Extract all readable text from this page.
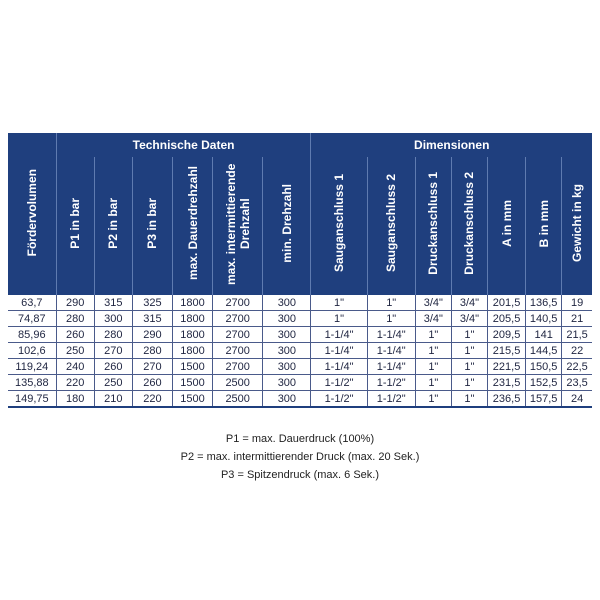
Fördervolumen	Technische Daten						Dimensionen						
	P1 in bar	P2 in bar	P3 in bar	max. Dauerdrehzahl	max. intermittierende Drehzahl	min. Drehzahl	Sauganschluss 1	Sauganschluss 2	Druckanschluss 1	Druckanschluss 2	A in mm	B in mm	Gewicht in kg
63,7	290	315	325	1800	2700	300	1"	1"	3/4"	3/4"	201,5	136,5	19
74,87	280	300	315	1800	2700	300	1"	1"	3/4"	3/4"	205,5	140,5	21
85,96	260	280	290	1800	2700	300	1-1/4"	1-1/4"	1"	1"	209,5	141	21,5
102,6	250	270	280	1800	2700	300	1-1/4"	1-1/4"	1"	1"	215,5	144,5	22
119,24	240	260	270	1500	2700	300	1-1/4"	1-1/4"	1"	1"	221,5	150,5	22,5
135,88	220	250	260	1500	2500	300	1-1/2"	1-1/2"	1"	1"	231,5	152,5	23,5
149,75	180	210	220	1500	2500	300	1-1/2"	1-1/2"	1"	1"	236,5	157,5	24
P1 = max. Dauerdruck (100%)
P2 = max. intermittierender Druck (max. 20 Sek.)
P3 = Spitzendruck (max. 6 Sek.)
